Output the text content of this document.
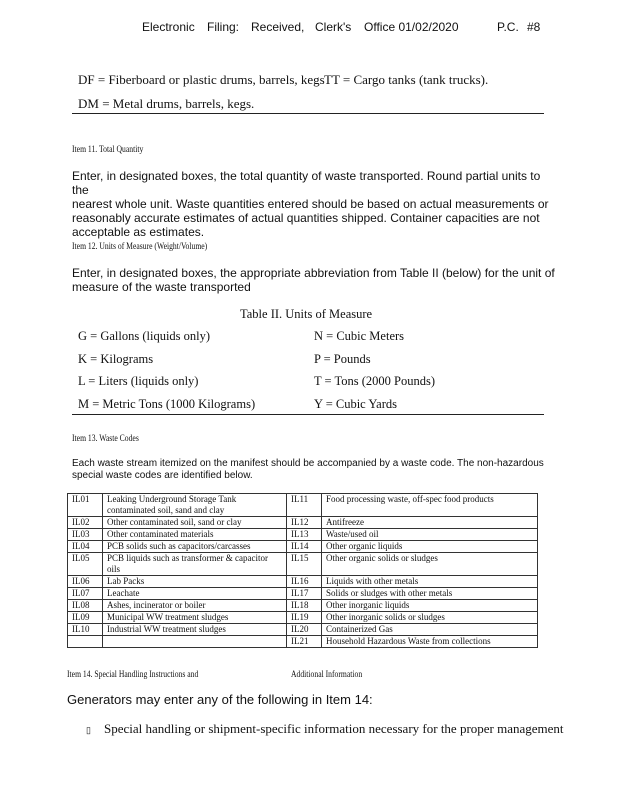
Electronic Filing: Received, Clerk's Office 01/02/2020	P.C. #8
DF = Fiberboard or plastic drums, barrels, kegs TT = Cargo tanks (tank trucks).
DM = Metal drums, barrels, kegs.
Item 11. Total Quantity
Enter, in designated boxes, the total quantity of waste transported. Round partial units to the
nearest whole unit. Waste quantities entered should be based on actual measurements or
reasonably accurate estimates of actual quantities shipped. Container capacities are not
acceptable as estimates.
Item 12. Units of Measure (Weight/Volume)
Enter, in designated boxes, the appropriate abbreviation from Table II (below) for the unit of
measure of the waste transported
Table II. Units of Measure
G = Gallons (liquids only)	N = Cubic Meters
K = Kilograms	P = Pounds
L = Liters (liquids only)	T = Tons (2000 Pounds)
M = Metric Tons (1000 Kilograms)	Y = Cubic Yards
Item 13. Waste Codes
Each waste stream itemized on the manifest should be accompanied by a waste code. The non-hazardous
special waste codes are identified below.
IL01	Leaking Underground Storage Tank contaminated soil, sand and clay	IL11	Food processing waste, off-spec food products
IL02	Other contaminated soil, sand or clay	IL12	Antifreeze
IL03	Other contaminated materials	IL13	Waste/used oil
IL04	PCB solids such as capacitors/carcasses	IL14	Other organic liquids
IL05	PCB liquids such as transformer & capacitor oils	IL15	Other organic solids or sludges
IL06	Lab Packs	IL16	Liquids with other metals
IL07	Leachate	IL17	Solids or sludges with other metals
IL08	Ashes, incinerator or boiler	IL18	Other inorganic liquids
IL09	Municipal WW treatment sludges	IL19	Other inorganic solids or sludges
IL10	Industrial WW treatment sludges	IL20	Containerized Gas
		IL21	Household Hazardous Waste from collections
Item 14. Special Handling Instructions and	Additional Information
Generators may enter any of the following in Item 14:
▯ Special handling or shipment-specific information necessary for the proper management
